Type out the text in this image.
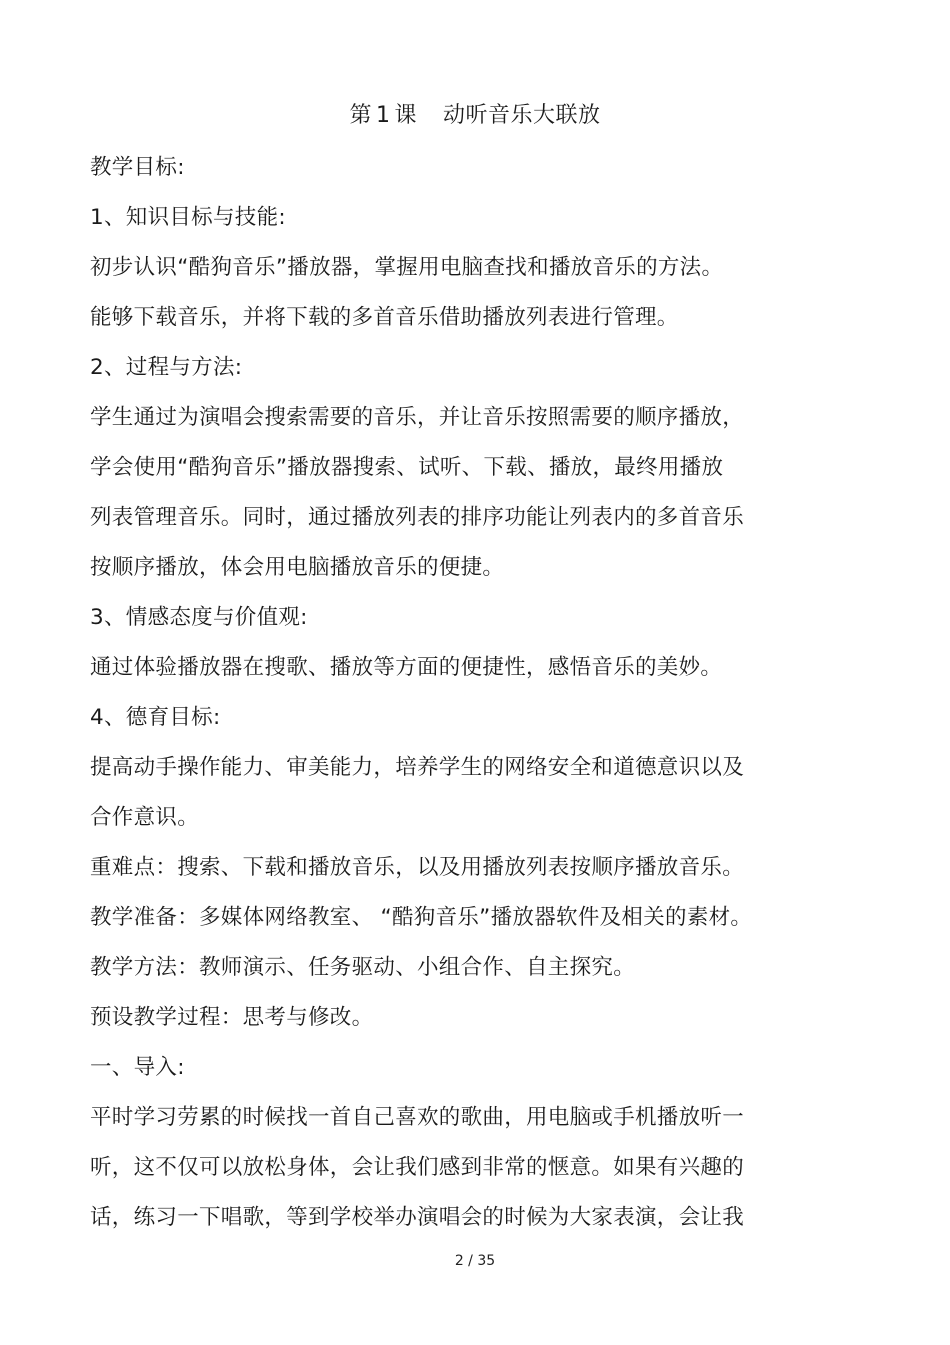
第 1 课 动听音乐大联放
教学目标:
1、知识目标与技能:
初步认识“酷狗音乐”播放器，掌握用电脑查找和播放音乐的方法。
能够下载音乐，并将下载的多首音乐借助播放列表进行管理。
2、过程与方法:
学生通过为演唱会搜索需要的音乐，并让音乐按照需要的顺序播放，
学会使用“酷狗音乐”播放器搜索、试听、下载、播放，最终用播放
列表管理音乐。同时，通过播放列表的排序功能让列表内的多首音乐
按顺序播放，体会用电脑播放音乐的便捷。
3、情感态度与价值观:
通过体验播放器在搜歌、播放等方面的便捷性，感悟音乐的美妙。
4、德育目标:
提高动手操作能力、审美能力，培养学生的网络安全和道德意识以及
合作意识。
重难点：搜索、下载和播放音乐，以及用播放列表按顺序播放音乐。
教学准备：多媒体网络教室、 “酷狗音乐”播放器软件及相关的素材。
教学方法：教师演示、任务驱动、小组合作、自主探究。
预设教学过程：思考与修改。
一、导入:
平时学习劳累的时候找一首自己喜欢的歌曲，用电脑或手机播放听一
听，这不仅可以放松身体，会让我们感到非常的惬意。如果有兴趣的
话，练习一下唱歌，等到学校举办演唱会的时候为大家表演，会让我
2 / 35
